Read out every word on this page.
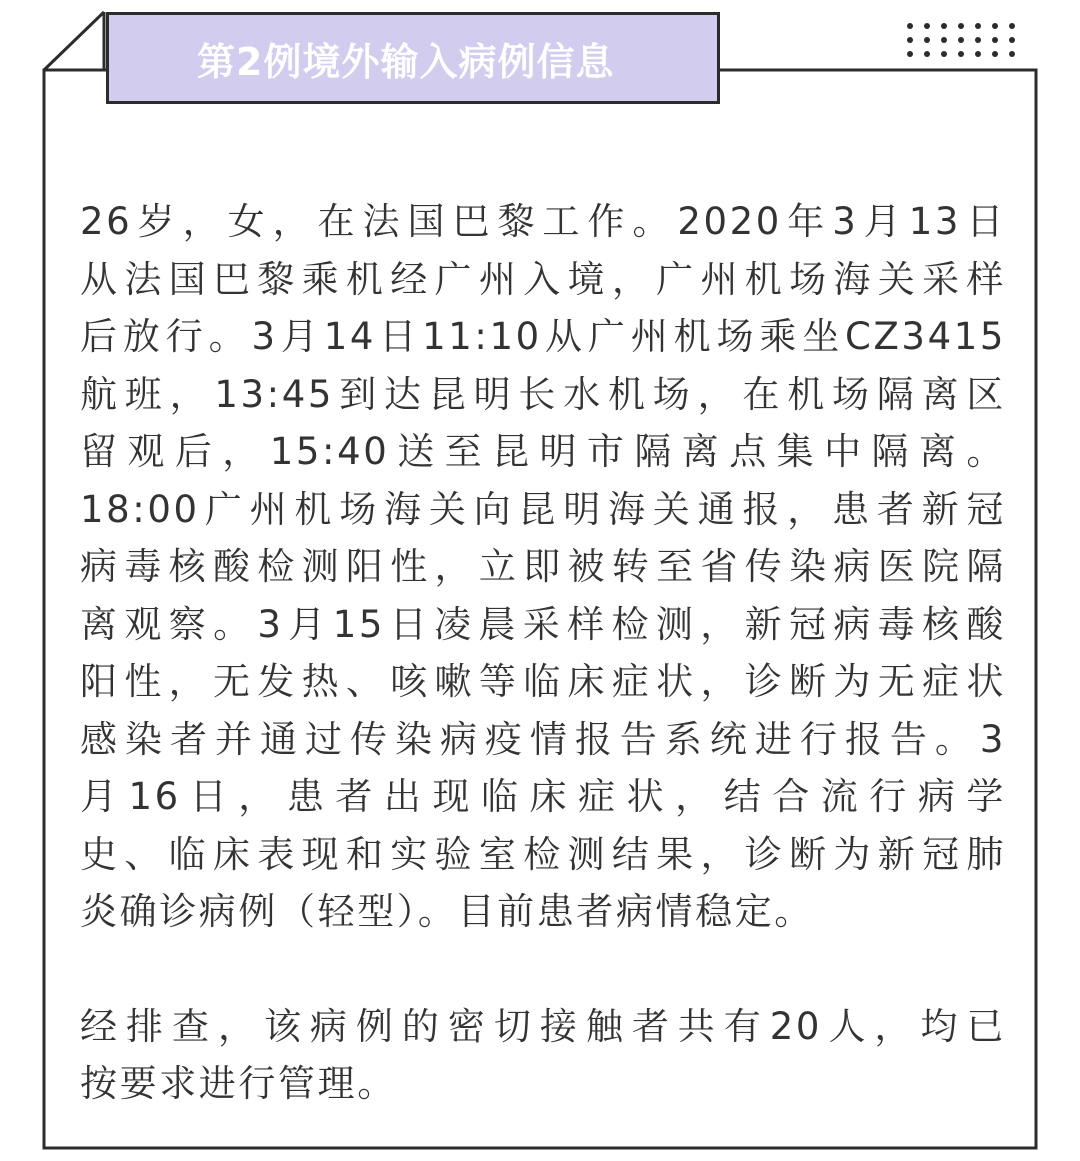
第2例境外输入病例信息
26岁，女，在法国巴黎工作。2020年3月13日
从法国巴黎乘机经广州入境，广州机场海关采样
后放行。3月14日11:10从广州机场乘坐CZ3415
航班，13:45到达昆明长水机场，在机场隔离区
留观后，15:40送至昆明市隔离点集中隔离。
18:00广州机场海关向昆明海关通报，患者新冠
病毒核酸检测阳性，立即被转至省传染病医院隔
离观察。3月15日凌晨采样检测，新冠病毒核酸
阳性，无发热、咳嗽等临床症状，诊断为无症状
感染者并通过传染病疫情报告系统进行报告。3
月16日，患者出现临床症状，结合流行病学
史、临床表现和实验室检测结果，诊断为新冠肺
炎确诊病例（轻型）。目前患者病情稳定。
经排查，该病例的密切接触者共有20人，均已
按要求进行管理。
